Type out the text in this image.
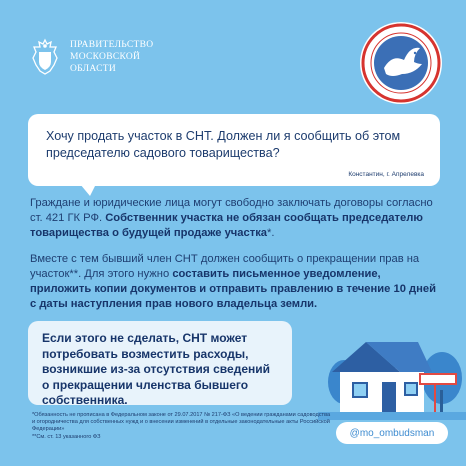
ПРАВИТЕЛЬСТВО
МОСКОВСКОЙ
ОБЛАСТИ
Хочу продать участок в СНТ. Должен ли я сообщить об этом председателю садового товарищества?
Константин, г. Апрелевка
Граждане и юридические лица могут свободно заключать договоры согласно ст. 421 ГК РФ. Собственник участка не обязан сообщать председателю товарищества о будущей продаже участка*.
Вместе с тем бывший член СНТ должен сообщить о прекращении прав на участок**. Для этого нужно составить письменное уведомление, приложить копии документов и отправить правлению в течение 10 дней с даты наступления прав нового владельца земли.
Если этого не сделать, СНТ может потребовать возместить расходы, возникшие из-за отсутствия сведений о прекращении членства бывшего собственника.

*Обязанность не прописана в Федеральном законе от 29.07.2017 № 217-ФЗ «О ведении гражданами садоводства и огородничества для собственных нужд и о внесении изменений в отдельные законодательные акты Российской Федерации»

**См. ст. 13 указанного ФЗ	@mo_ombudsman
